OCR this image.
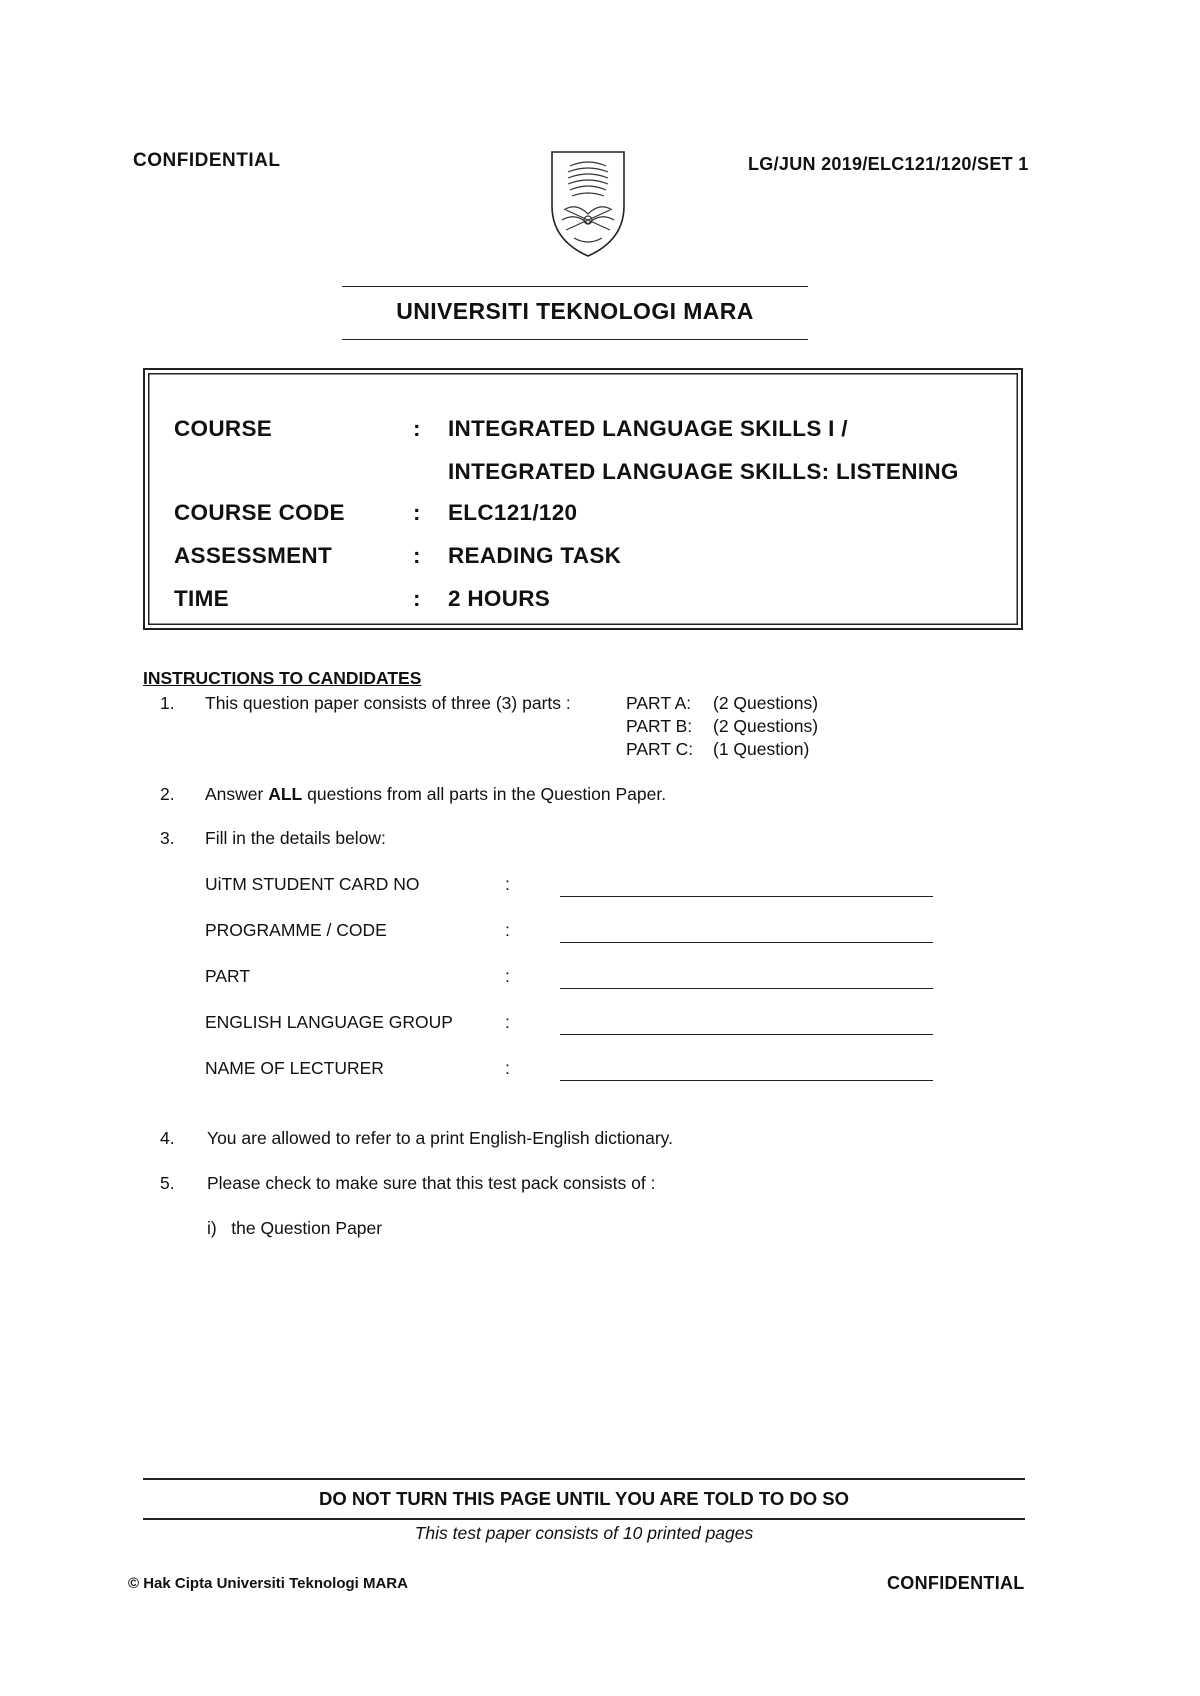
CONFIDENTIAL	LG/JUN 2019/ELC121/120/SET 1
UNIVERSITI TEKNOLOGI MARA
COURSE	: INTEGRATED LANGUAGE SKILLS I /
INTEGRATED LANGUAGE SKILLS: LISTENING
COURSE CODE	: ELC121/120
ASSESSMENT	: READING TASK
TIME	: 2 HOURS
INSTRUCTIONS TO CANDIDATES
1.	This question paper consists of three (3) parts :	PART A: (2 Questions)
PART B: (2 Questions)
PART C: (1 Question)
2.	Answer ALL questions from all parts in the Question Paper.
3.	Fill in the details below:
UiTM STUDENT CARD NO	:
PROGRAMME / CODE	:
PART	:
ENGLISH LANGUAGE GROUP	:
NAME OF LECTURER	:
4.	You are allowed to refer to a print English-English dictionary.
5.	Please check to make sure that this test pack consists of :
i)   the Question Paper
DO NOT TURN THIS PAGE UNTIL YOU ARE TOLD TO DO SO
This test paper consists of 10 printed pages
© Hak Cipta Universiti Teknologi MARA	CONFIDENTIAL
